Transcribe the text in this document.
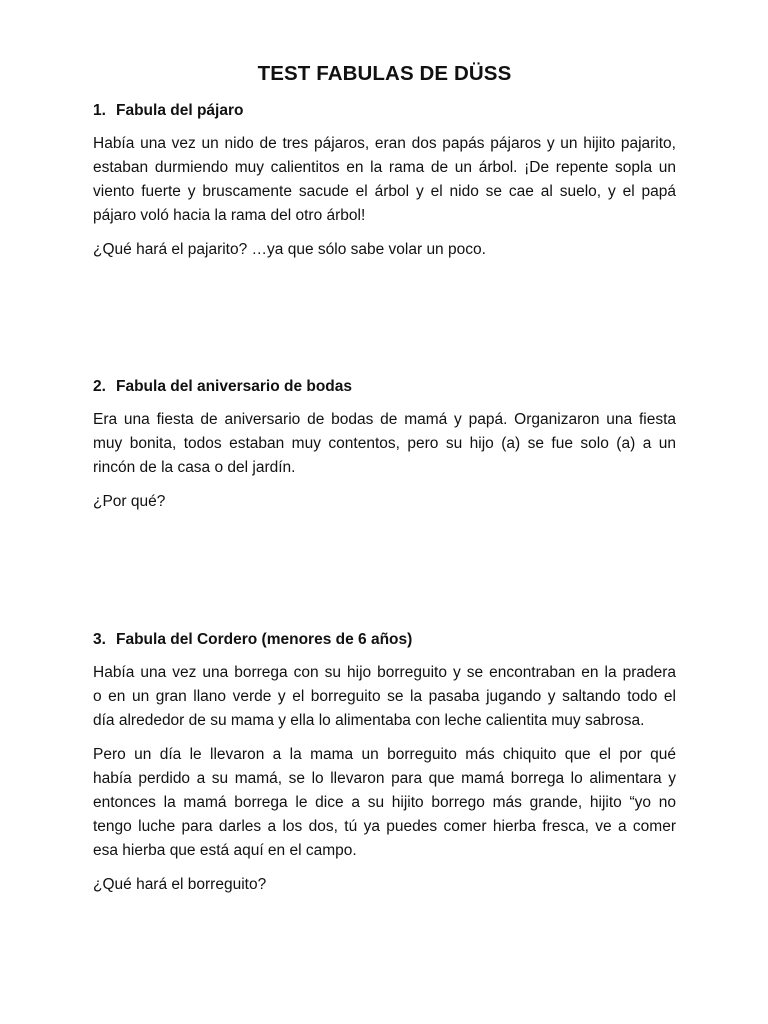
TEST FABULAS DE DÜSS

1. Fabula del pájaro

Había una vez un nido de tres pájaros, eran dos papás pájaros y un hijito pajarito,
estaban durmiendo muy calientitos en la rama de un árbol. ¡De repente sopla un
viento fuerte y bruscamente sacude el árbol y el nido se cae al suelo, y el papá
pájaro voló hacia la rama del otro árbol!

¿Qué hará el pajarito? …ya que sólo sabe volar un poco.

2. Fabula del aniversario de bodas

Era una fiesta de aniversario de bodas de mamá y papá. Organizaron una fiesta
muy bonita, todos estaban muy contentos, pero su hijo (a) se fue solo (a) a un
rincón de la casa o del jardín.

¿Por qué?

3. Fabula del Cordero (menores de 6 años)

Había una vez una borrega con su hijo borreguito y se encontraban en la pradera
o en un gran llano verde y el borreguito se la pasaba jugando y saltando todo el
día alrededor de su mama y ella lo alimentaba con leche calientita muy sabrosa.

Pero un día le llevaron a la mama un borreguito más chiquito que el por qué
había perdido a su mamá, se lo llevaron para que mamá borrega lo alimentara y
entonces la mamá borrega le dice a su hijito borrego más grande, hijito “yo no
tengo luche para darles a los dos, tú ya puedes comer hierba fresca, ve a comer
esa hierba que está aquí en el campo.

¿Qué hará el borreguito?
